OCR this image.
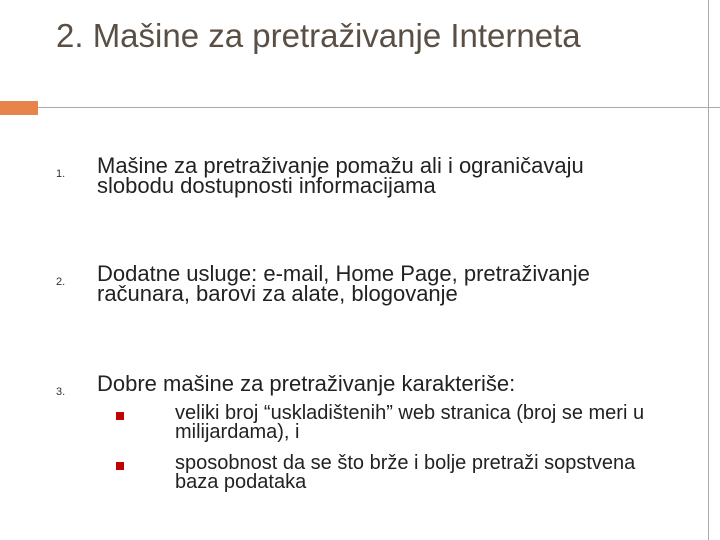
2. Mašine za pretraživanje Interneta
1. Mašine za pretraživanje pomažu ali i ograničavaju slobodu dostupnosti informacijama
2. Dodatne usluge: e-mail, Home Page, pretraživanje računara, barovi za alate, blogovanje
3. Dobre mašine za pretraživanje karakteriše:
veliki broj “uskladištenih” web stranica (broj se meri u milijardama), i
sposobnost da se što brže i bolje pretraži sopstvena baza podataka
